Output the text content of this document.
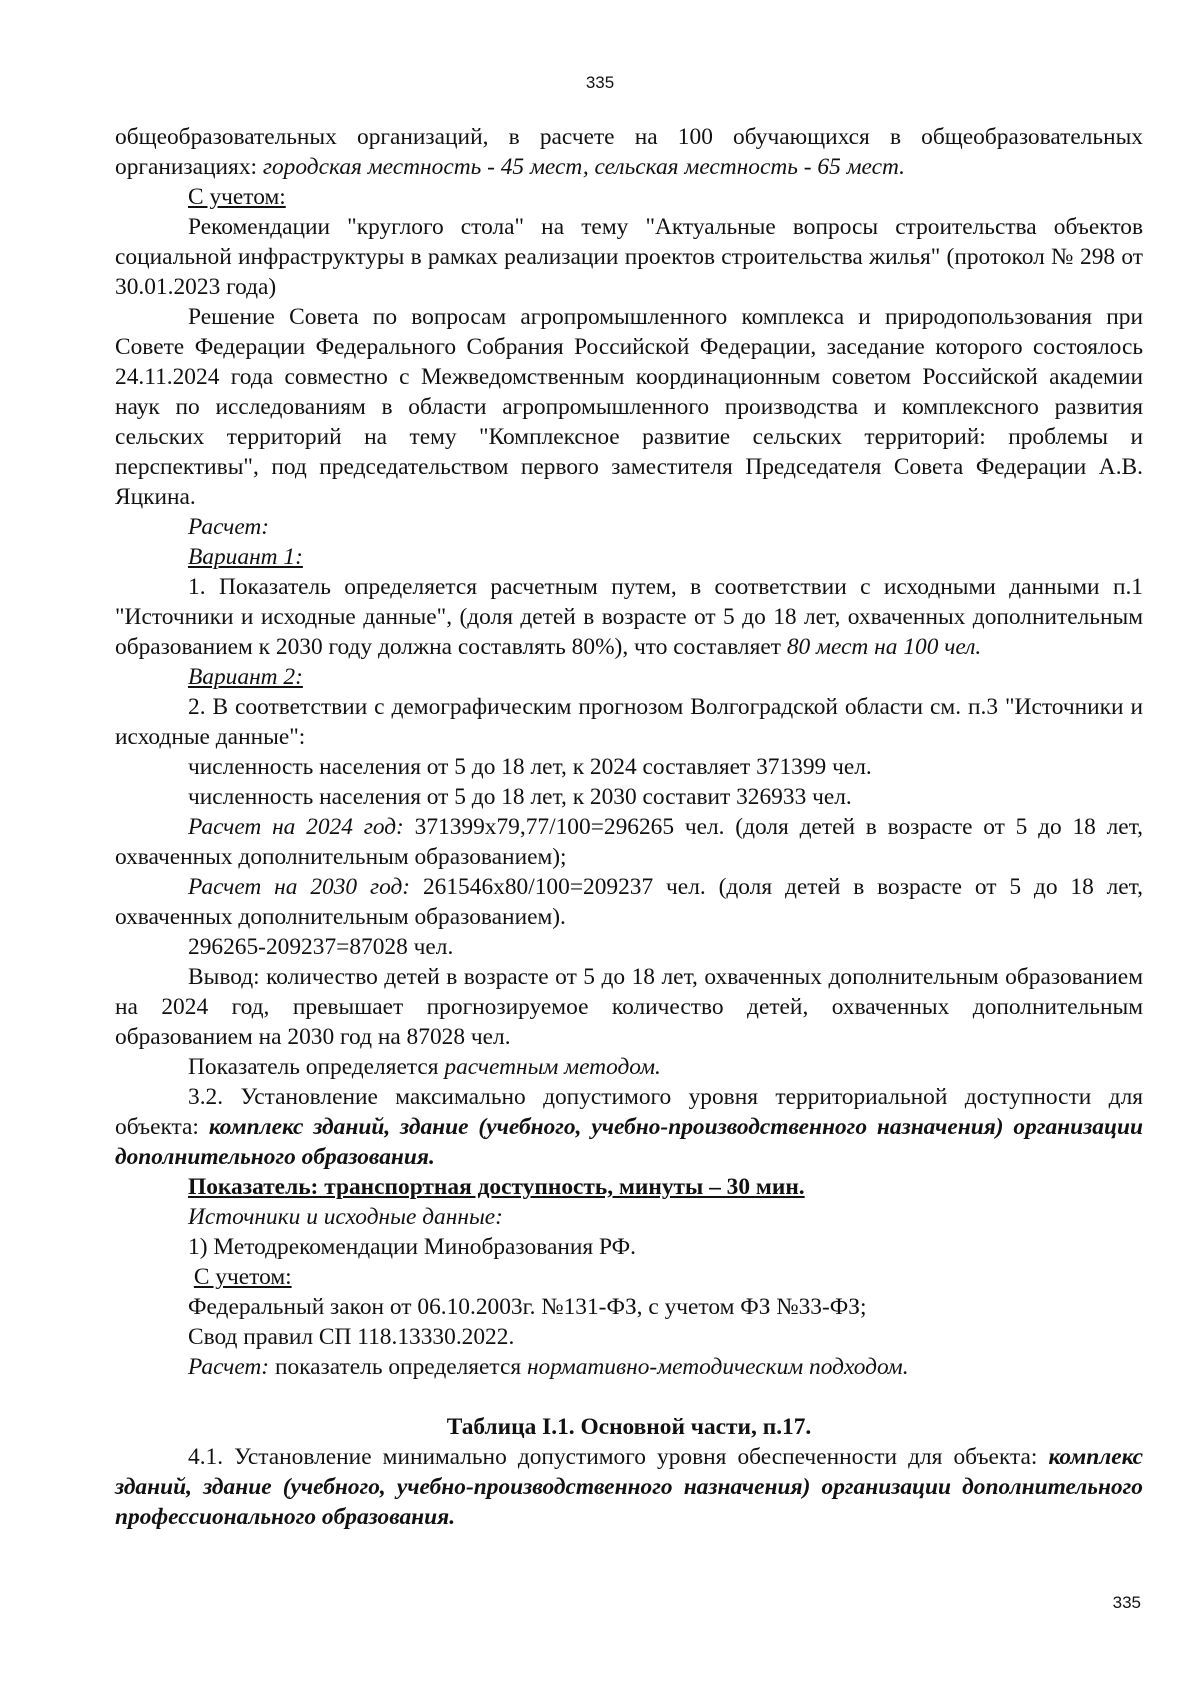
335

общеобразовательных организаций, в расчете на 100 обучающихся в общеобразовательных организациях: городская местность - 45 мест, сельская местность - 65 мест.

С учетом:

Рекомендации "круглого стола" на тему "Актуальные вопросы строительства объектов социальной инфраструктуры в рамках реализации проектов строительства жилья" (протокол № 298 от 30.01.2023 года)

Решение Совета по вопросам агропромышленного комплекса и природопользования при Совете Федерации Федерального Собрания Российской Федерации, заседание которого состоялось 24.11.2024 года совместно с Межведомственным координационным советом Российской академии наук по исследованиям в области агропромышленного производства и комплексного развития сельских территорий на тему "Комплексное развитие сельских территорий: проблемы и перспективы", под председательством первого заместителя Председателя Совета Федерации А.В. Яцкина.

Расчет:

Вариант 1:

1. Показатель определяется расчетным путем, в соответствии с исходными данными п.1 "Источники и исходные данные", (доля детей в возрасте от 5 до 18 лет, охваченных дополнительным образованием к 2030 году должна составлять 80%), что составляет 80 мест на 100 чел.

Вариант 2:

2. В соответствии с демографическим прогнозом Волгоградской области см. п.3 "Источники и исходные данные":

численность населения от 5 до 18 лет, к 2024 составляет 371399 чел.

численность населения от 5 до 18 лет, к 2030 составит 326933 чел.

Расчет на 2024 год: 371399х79,77/100=296265 чел. (доля детей в возрасте от 5 до 18 лет, охваченных дополнительным образованием);

Расчет на 2030 год: 261546х80/100=209237 чел. (доля детей в возрасте от 5 до 18 лет, охваченных дополнительным образованием).

296265-209237=87028 чел.

Вывод: количество детей в возрасте от 5 до 18 лет, охваченных дополнительным образованием на 2024 год, превышает прогнозируемое количество детей, охваченных дополнительным образованием на 2030 год на 87028 чел.

Показатель определяется расчетным методом.

3.2. Установление максимально допустимого уровня территориальной доступности для объекта: комплекс зданий, здание (учебного, учебно-производственного назначения) организации дополнительного образования.

Показатель: транспортная доступность, минуты – 30 мин.

Источники и исходные данные:

1) Методрекомендации Минобразования РФ.

С учетом:

Федеральный закон от 06.10.2003г. №131-ФЗ, с учетом ФЗ №33-ФЗ;

Свод правил СП 118.13330.2022.

Расчет: показатель определяется нормативно-методическим подходом.

Таблица I.1. Основной части, п.17.

4.1. Установление минимально допустимого уровня обеспеченности для объекта: комплекс зданий, здание (учебного, учебно-производственного назначения) организации дополнительного профессионального образования.

335
